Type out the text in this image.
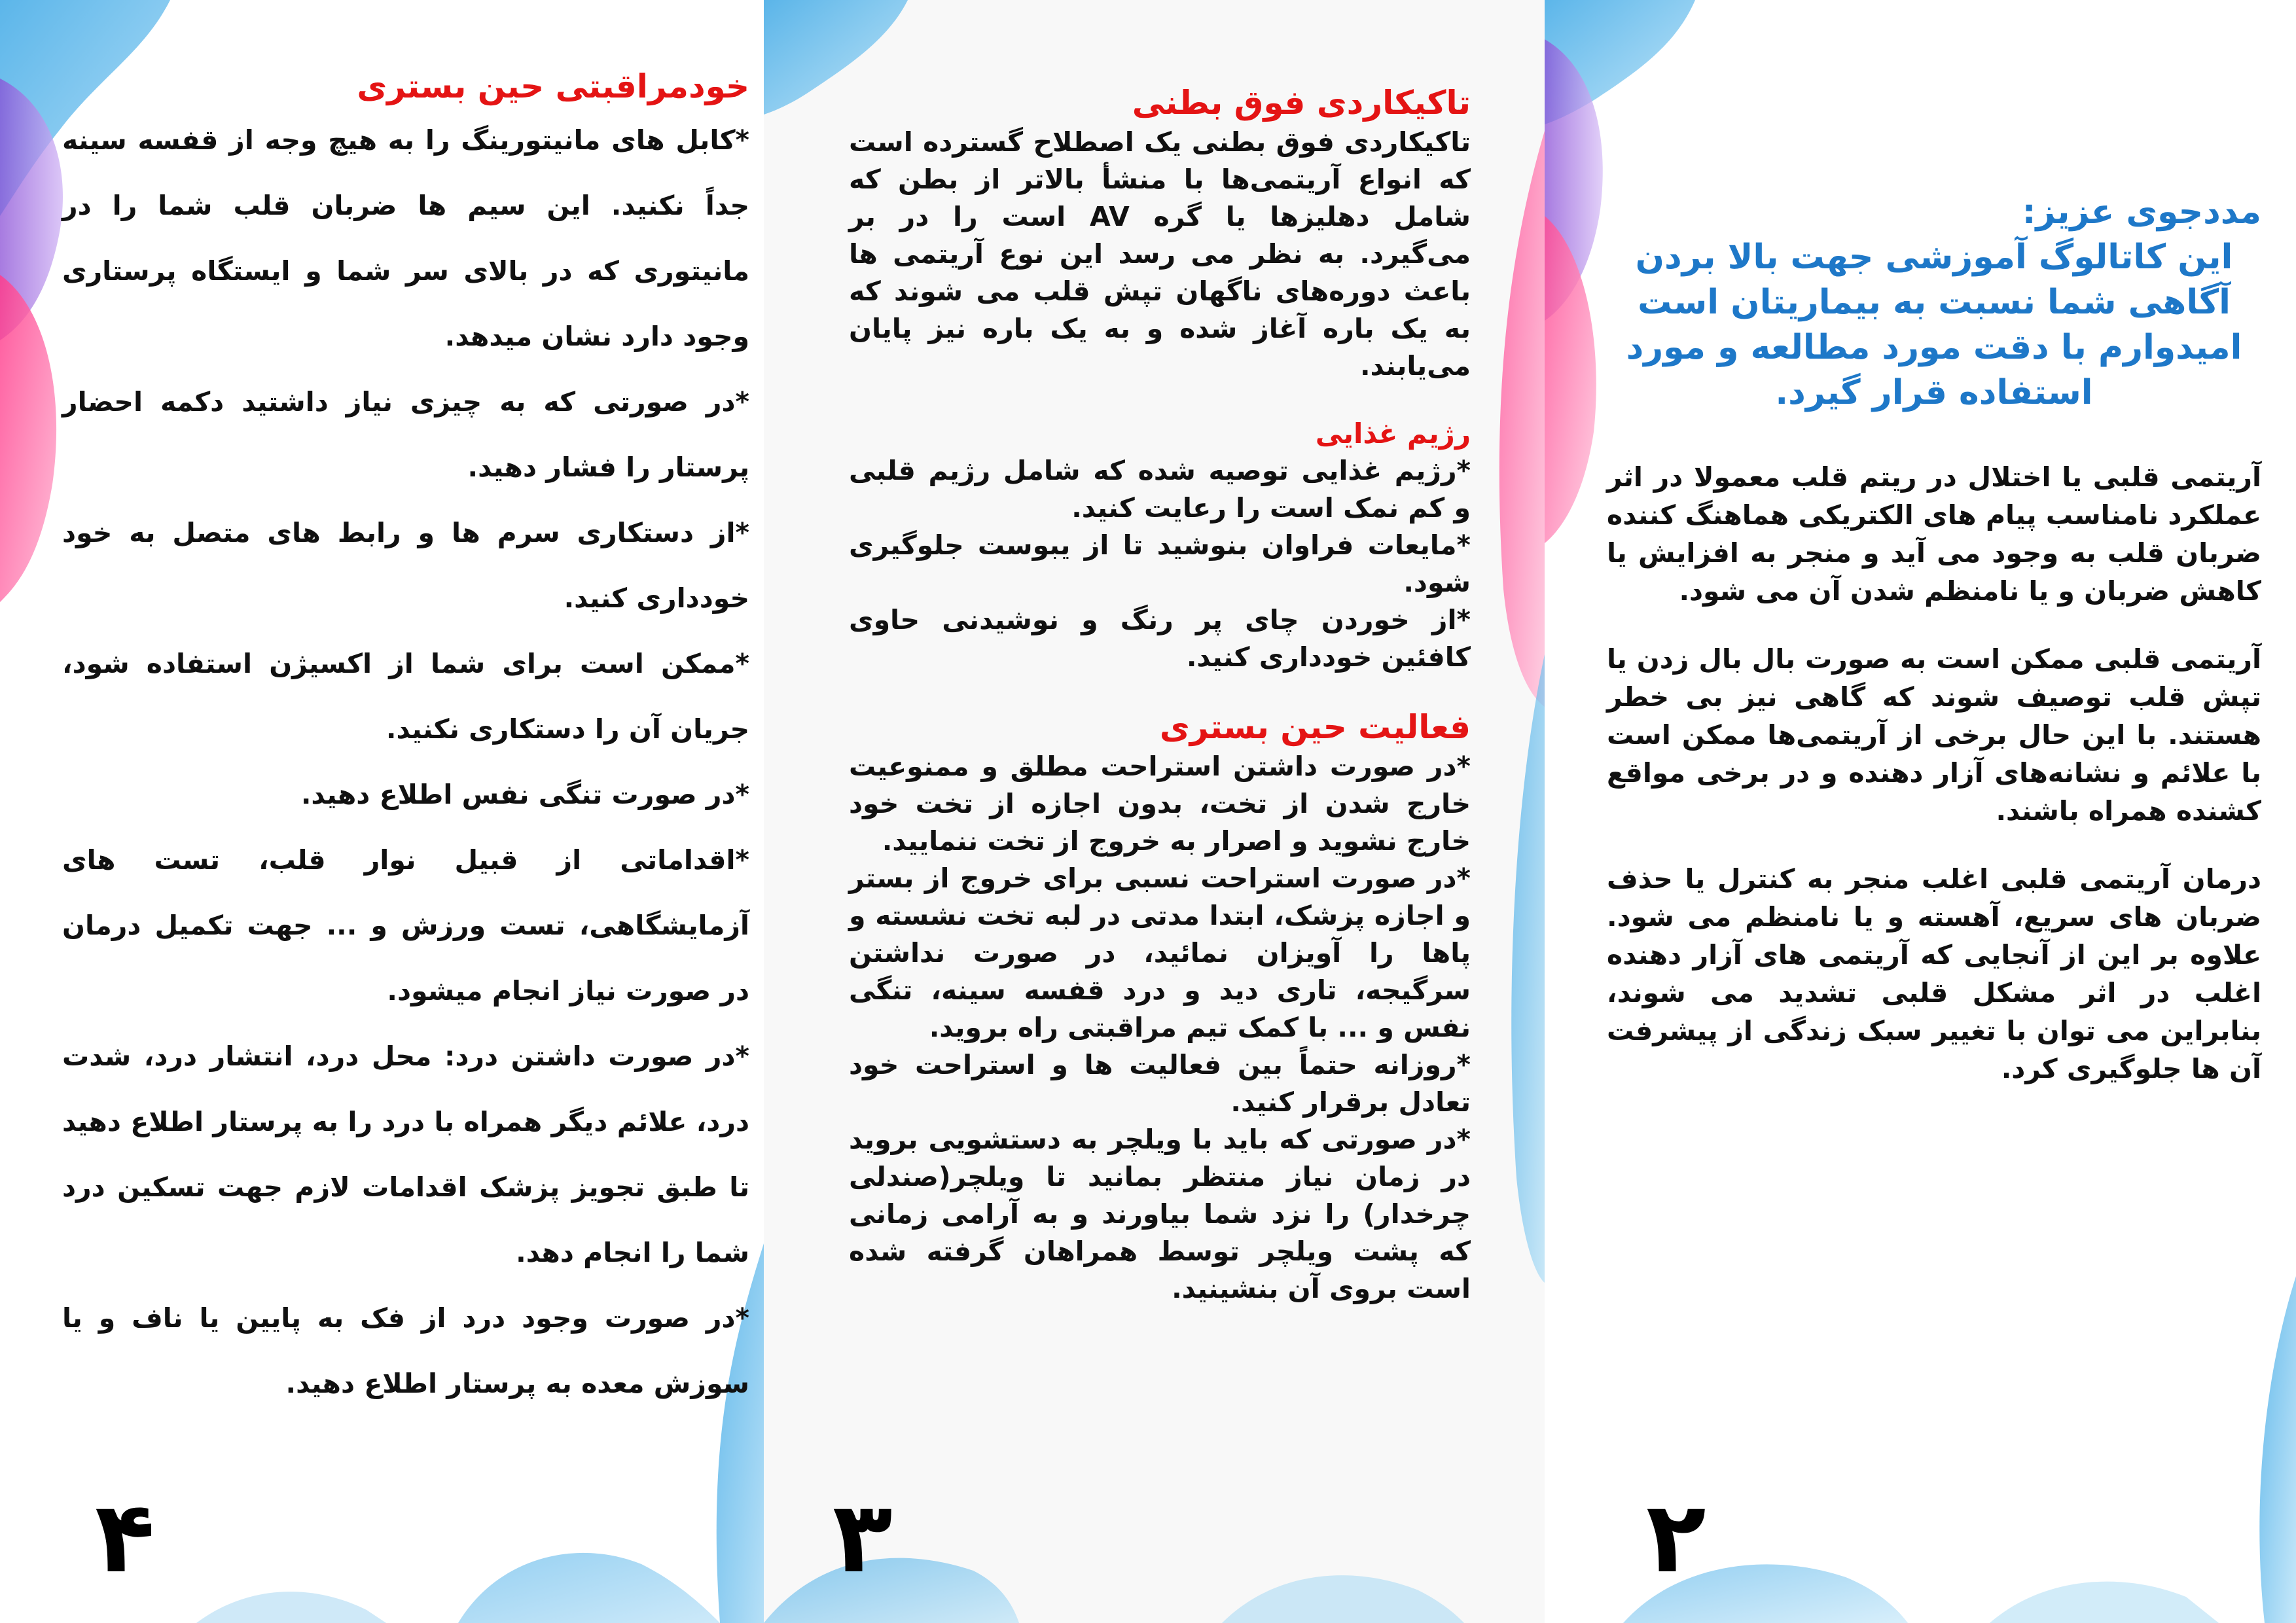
خودمراقبتی حین بستری

*کابل های مانیتورینگ را به هیچ وجه از قفسه سینه جداً نکنید. این سیم ها ضربان قلب شما را در مانیتوری که در بالای سر شما و ایستگاه پرستاری وجود دارد نشان میدهد.

*در صورتی که به چیزی نیاز داشتید دکمه احضار پرستار را فشار دهید.

*از دستکاری سرم ها و رابط های متصل به خود خودداری کنید.

*ممکن است برای شما از اکسیژن استفاده شود، جریان آن را دستکاری نکنید.

*در صورت تنگی نفس اطلاع دهید.

*اقداماتی از قبیل نوار قلب، تست های آزمایشگاهی، تست ورزش و ... جهت تکمیل درمان در صورت نیاز انجام میشود.

*در صورت داشتن درد: محل درد، انتشار درد، شدت درد، علائم دیگر همراه با درد را به پرستار اطلاع دهید تا طبق تجویز پزشک اقدامات لازم جهت تسکین درد شما را انجام دهد.

*در صورت وجود درد از فک به پایین یا ناف و یا سوزش معده به پرستار اطلاع دهید.

۴
تاکیکاردی فوق بطنی

تاکیکاردی فوق بطنی یک اصطلاح گسترده است که انواع آریتمی‌ها با منشأ بالاتر از بطن که شامل دهلیزها یا گره AV است را در بر می‌گیرد. به نظر می رسد این نوع آریتمی ها باعث دوره‌های ناگهان تپش قلب می شوند که به یک باره آغاز شده و به یک باره نیز پایان می‌یابند.

رژیم غذایی

*رژیم غذایی توصیه شده که شامل رژیم قلبی و کم نمک است را رعایت کنید.

*مایعات فراوان بنوشید تا از یبوست جلوگیری شود.

*از خوردن چای پر رنگ و نوشیدنی حاوی کافئین خودداری کنید.

فعالیت حین بستری

*در صورت داشتن استراحت مطلق و ممنوعیت خارج شدن از تخت، بدون اجازه از تخت خود خارج نشوید و اصرار به خروج از تخت ننمایید.

*در صورت استراحت نسبی برای خروج از بستر و اجازه پزشک، ابتدا مدتی در لبه تخت نشسته و پاها را آویزان نمائید، در صورت نداشتن سرگیجه، تاری دید و درد قفسه سینه، تنگی نفس و ... با کمک تیم مراقبتی راه بروید.

*روزانه حتماً بین فعالیت ها و استراحت خود تعادل برقرار کنید.

*در صورتی که باید با ویلچر به دستشویی بروید در زمان نیاز منتظر بمانید تا ویلچر(صندلی چرخدار) را نزد شما بیاورند و به آرامی زمانی که پشت ویلچر توسط همراهان گرفته شده است بروی آن بنشینید.

۳
مددجوی عزیز:
این کاتالوگ آموزشی جهت بالا بردن آگاهی شما نسبت به بیماریتان است امیدوارم با دقت مورد مطالعه و مورد استفاده قرار گیرد.

آریتمی قلبی یا اختلال در ریتم قلب معمولا در اثر عملکرد نامناسب پیام های الکتریکی هماهنگ کننده ضربان قلب به وجود می آید و منجر به افزایش یا کاهش ضربان و یا نامنظم شدن آن می شود.

آریتمی قلبی ممکن است به صورت بال بال زدن یا تپش قلب توصیف شوند که گاهی نیز بی خطر هستند. با این حال برخی از آریتمی‌ها ممکن است با علائم و نشانه‌های آزار دهنده و در برخی مواقع کشنده همراه باشند.

درمان آریتمی قلبی اغلب منجر به کنترل یا حذف ضربان های سریع، آهسته و یا نامنظم می شود. علاوه بر این از آنجایی که آریتمی های آزار دهنده اغلب در اثر مشکل قلبی تشدید می شوند، بنابراین می توان با تغییر سبک زندگی از پیشرفت آن ها جلوگیری کرد.

۲
